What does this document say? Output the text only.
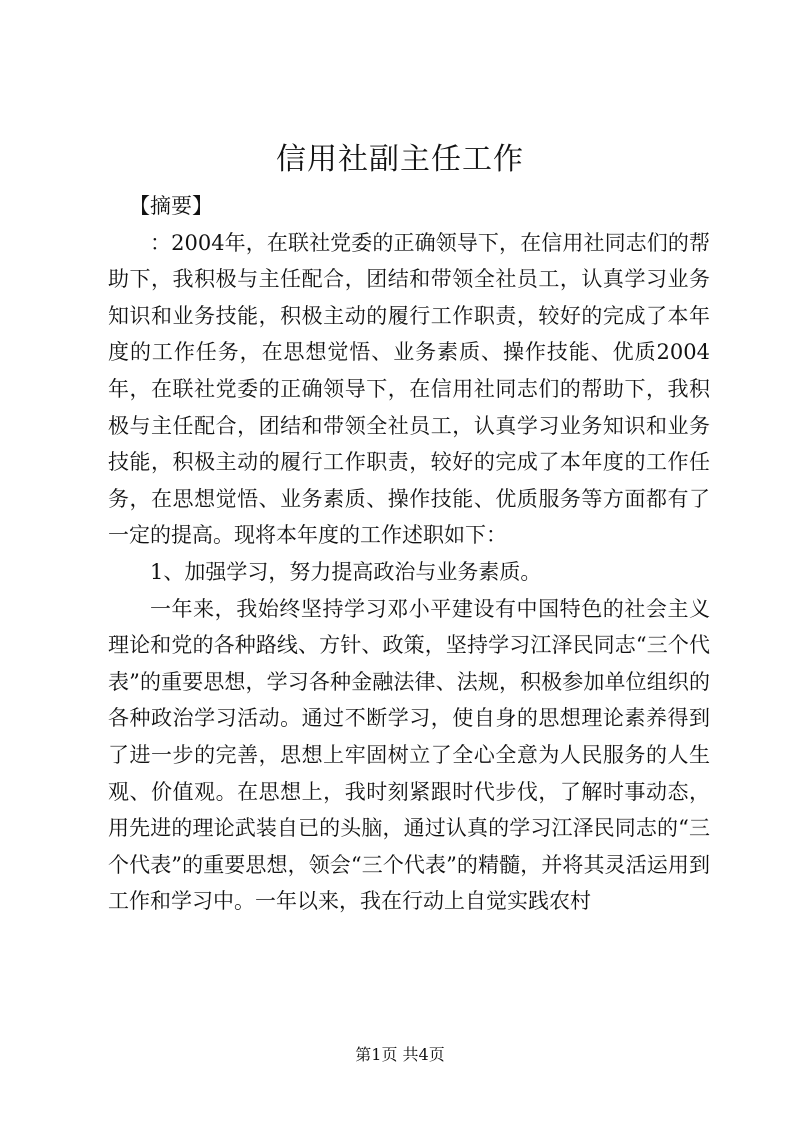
信用社副主任工作

【摘要】

：2004年，在联社党委的正确领导下，在信用社同志们的帮助下，我积极与主任配合，团结和带领全社员工，认真学习业务知识和业务技能，积极主动的履行工作职责，较好的完成了本年度的工作任务，在思想觉悟、业务素质、操作技能、优质2004年，在联社党委的正确领导下，在信用社同志们的帮助下，我积极与主任配合，团结和带领全社员工，认真学习业务知识和业务技能，积极主动的履行工作职责，较好的完成了本年度的工作任务，在思想觉悟、业务素质、操作技能、优质服务等方面都有了一定的提高。现将本年度的工作述职如下：

1、加强学习，努力提高政治与业务素质。

一年来，我始终坚持学习邓小平建设有中国特色的社会主义理论和党的各种路线、方针、政策，坚持学习江泽民同志“三个代表”的重要思想，学习各种金融法律、法规，积极参加单位组织的各种政治学习活动。通过不断学习，使自身的思想理论素养得到了进一步的完善，思想上牢固树立了全心全意为人民服务的人生观、价值观。在思想上，我时刻紧跟时代步伐，了解时事动态，用先进的理论武装自已的头脑，通过认真的学习江泽民同志的“三个代表”的重要思想，领会“三个代表”的精髓，并将其灵活运用到工作和学习中。一年以来，我在行动上自觉实践农村

第1页 共4页
